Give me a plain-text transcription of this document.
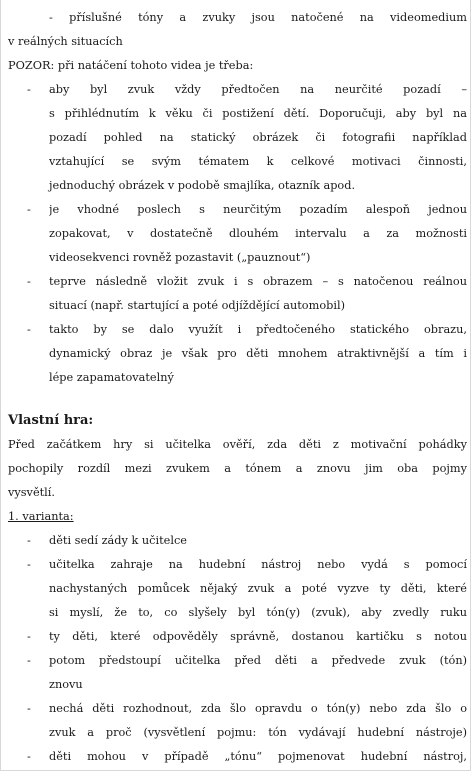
- příslušné tóny a zvuky jsou natočené na videomedium
v reálných situacích
POZOR: při natáčení tohoto videa je třeba:
- aby byl zvuk vždy předtočen na neurčité pozadí –
s přihlédnutím k věku či postižení dětí. Doporučuji, aby byl na
pozadí pohled na statický obrázek či fotografii například
vztahující se svým tématem k celkové motivaci činnosti,
jednoduchý obrázek v podobě smajlíka, otazník apod.
- je vhodné poslech s neurčitým pozadím alespoň jednou
zopakovat, v dostatečně dlouhém intervalu a za možnosti
videosekvenci rovněž pozastavit („pauznout“)
- teprve následně vložit zvuk i s obrazem – s natočenou reálnou
situací (např. startující a poté odjíždějící automobil)
- takto by se dalo využít i předtočeného statického obrazu,
dynamický obraz je však pro děti mnohem atraktivnější a tím i
lépe zapamatovatelný
Vlastní hra:
Před začátkem hry si učitelka ověří, zda děti z motivační pohádky
pochopily rozdíl mezi zvukem a tónem a znovu jim oba pojmy
vysvětlí.
1. varianta:
- děti sedí zády k učitelce
- učitelka zahraje na hudební nástroj nebo vydá s pomocí
nachystaných pomůcek nějaký zvuk a poté vyzve ty děti, které
si myslí, že to, co slyšely byl tón(y) (zvuk), aby zvedly ruku
- ty děti, které odpověděly správně, dostanou kartičku s notou
- potom předstoupí učitelka před děti a předvede zvuk (tón)
znovu
- nechá děti rozhodnout, zda šlo opravdu o tón(y) nebo zda šlo o
zvuk a proč (vysvětlení pojmu: tón vydávají hudební nástroje)
- děti mohou v případě „tónu“ pojmenovat hudební nástroj,
